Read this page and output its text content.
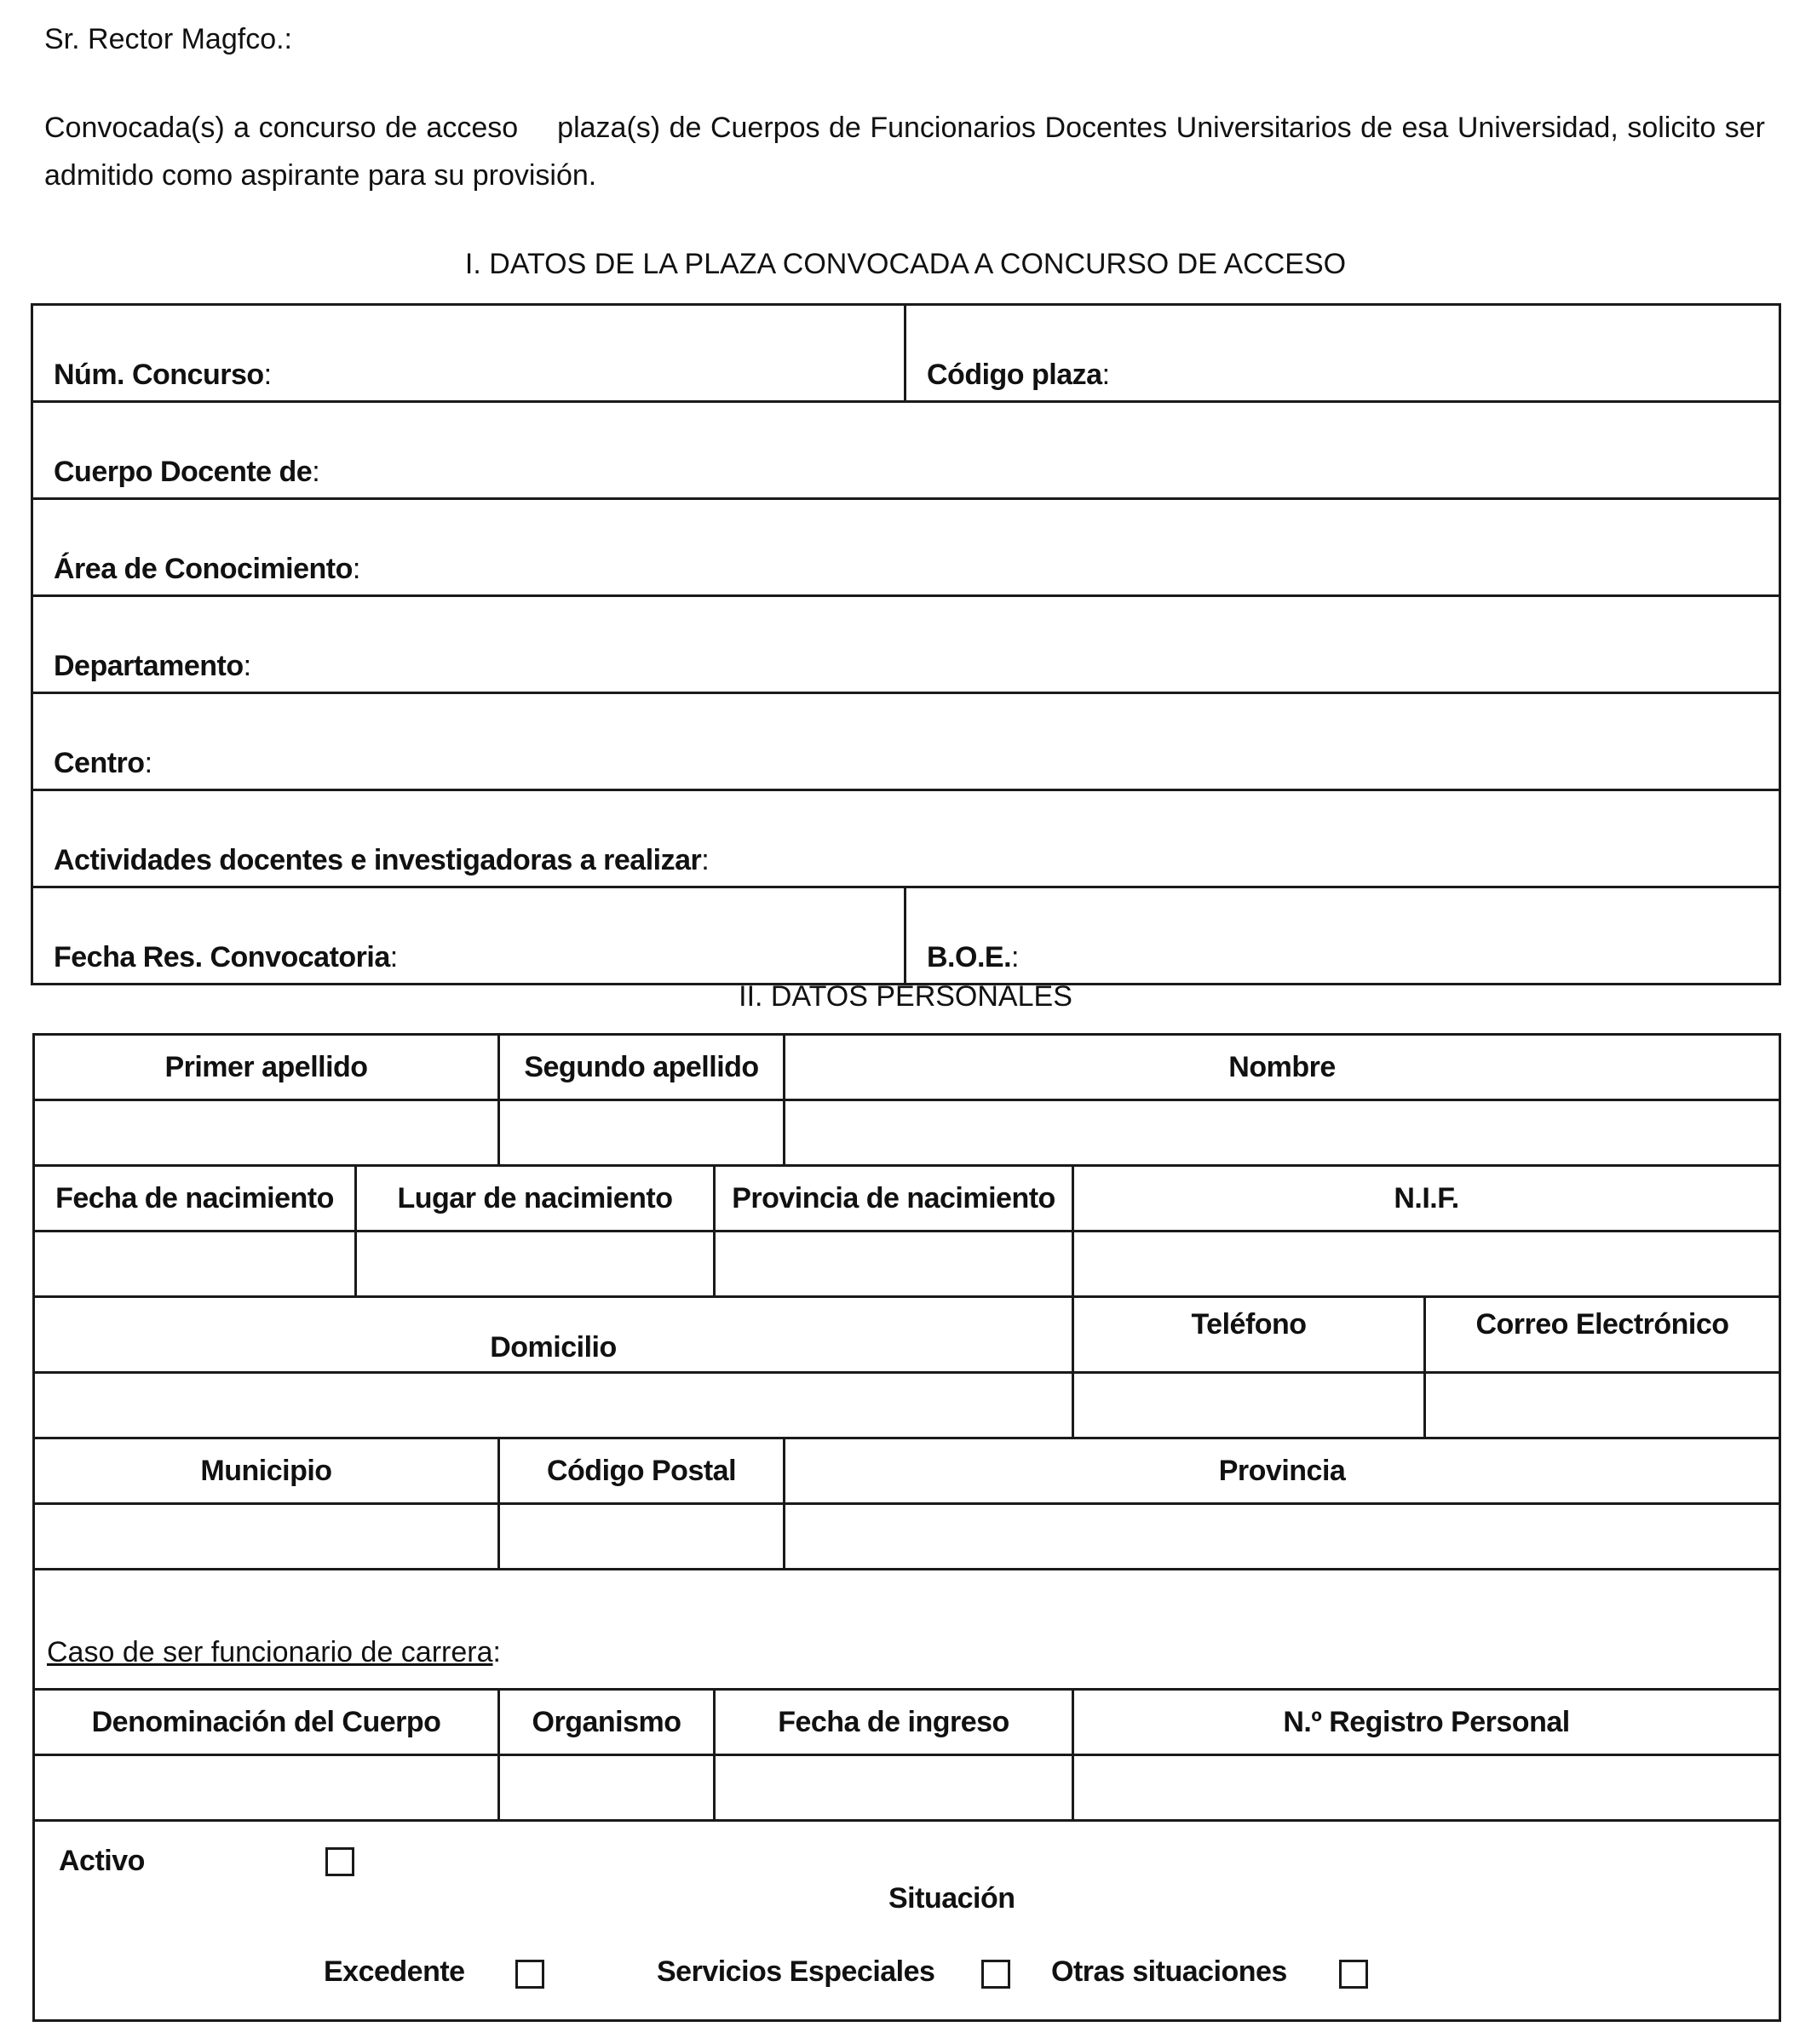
Sr. Rector Magfco.:
Convocada(s) a concurso de acceso plaza(s) de Cuerpos de Funcionarios Docentes Universitarios de esa Universidad, solicito ser admitido como aspirante para su provisión.
I. DATOS DE LA PLAZA CONVOCADA A CONCURSO DE ACCESO
Núm. Concurso:	Código plaza:
Cuerpo Docente de:	
Área de Conocimiento:	
Departamento:	
Centro:	
Actividades docentes e investigadoras a realizar:	
Fecha Res. Convocatoria:	B.O.E.:
II. DATOS PERSONALES
Primer apellido		Segundo apellido		Nombre		

Fecha de nacimiento	Lugar de nacimiento		Provincia de nacimiento		N.I.F.	

Domicilio					Teléfono	Correo Electrónico

Municipio		Código Postal		Provincia		

Caso de ser funcionario de carrera:						
Denominación del Cuerpo		Organismo	Fecha de ingreso		N.º Registro Personal	

Activo
Situación
Excedente Servicios Especiales Otras situaciones						
